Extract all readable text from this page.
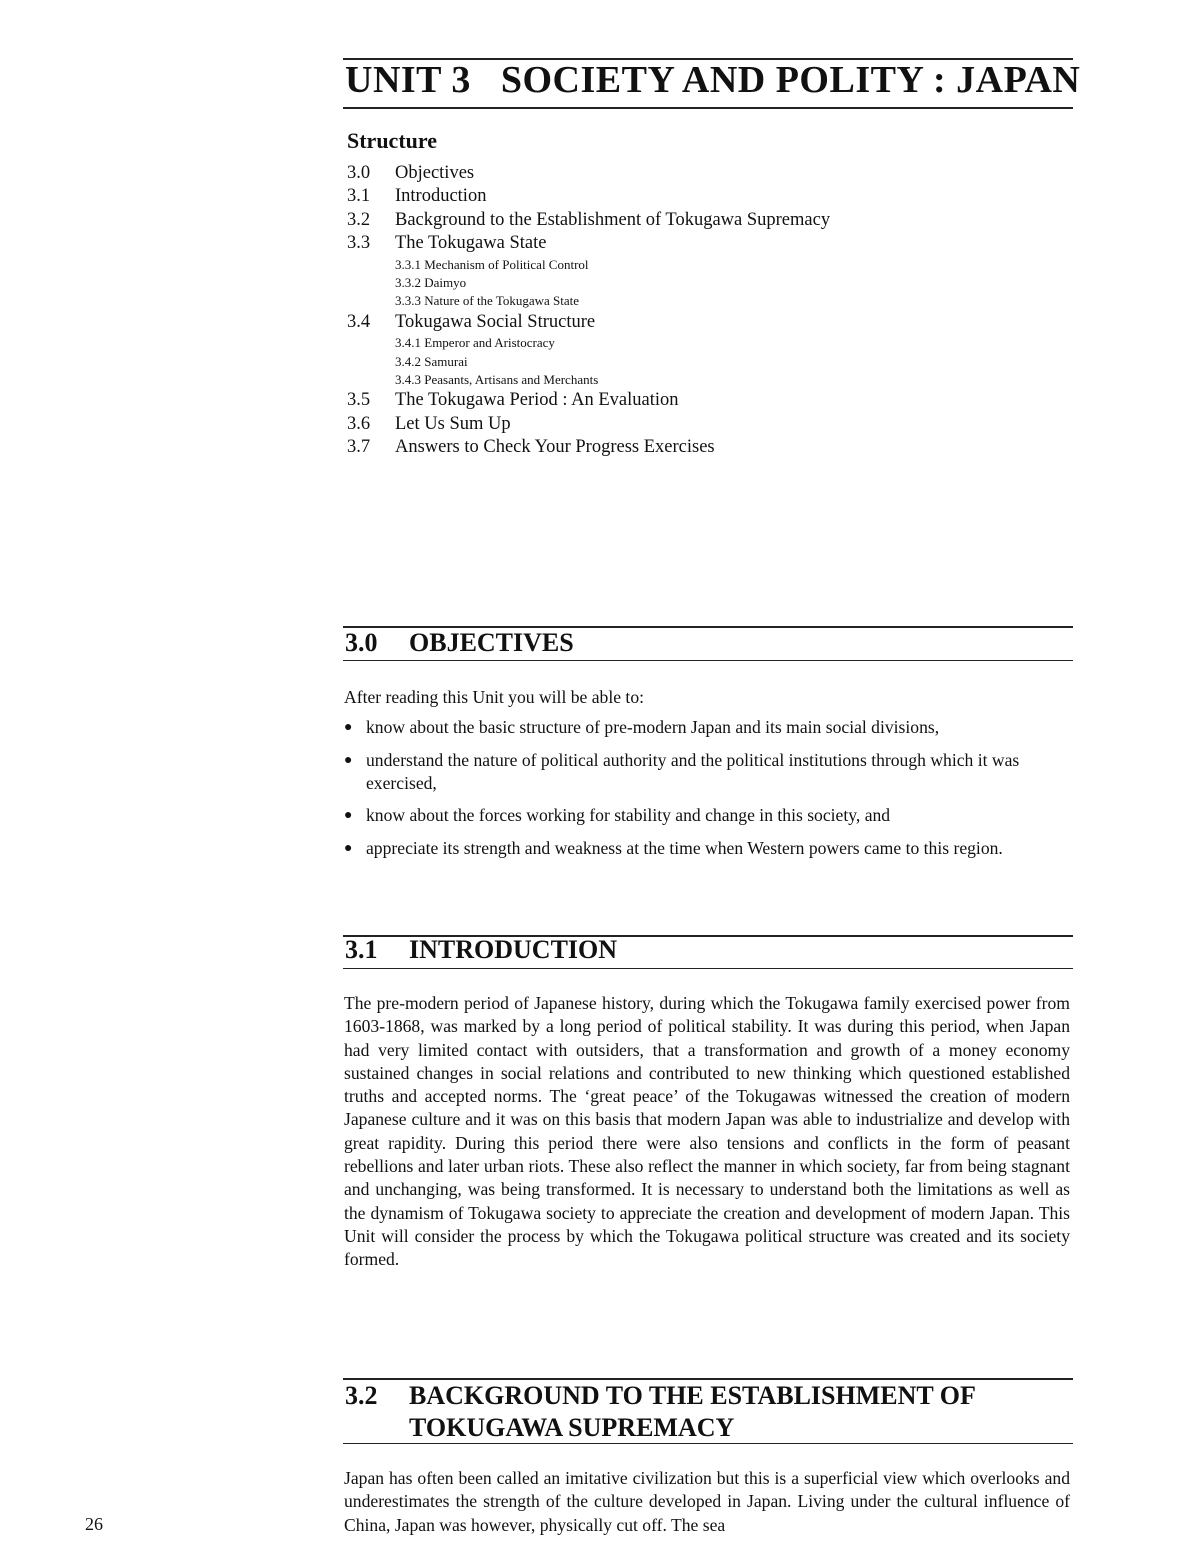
UNIT 3   SOCIETY AND POLITY : JAPAN
Structure
3.0 Objectives
3.1 Introduction
3.2 Background to the Establishment of Tokugawa Supremacy
3.3 The Tokugawa State
3.3.1 Mechanism of Political Control
3.3.2 Daimyo
3.3.3 Nature of the Tokugawa State
3.4 Tokugawa Social Structure
3.4.1 Emperor and Aristocracy
3.4.2 Samurai
3.4.3 Peasants, Artisans and Merchants
3.5 The Tokugawa Period : An Evaluation
3.6 Let Us Sum Up
3.7 Answers to Check Your Progress Exercises
3.0 OBJECTIVES
After reading this Unit you will be able to:
● know about the basic structure of pre-modern Japan and its main social divisions,
● understand the nature of political authority and the political institutions through which it was exercised,
● know about the forces working for stability and change in this society, and
● appreciate its strength and weakness at the time when Western powers came to this region.
3.1 INTRODUCTION
The pre-modern period of Japanese history, during which the Tokugawa family exercised power from 1603-1868, was marked by a long period of political stability. It was during this period, when Japan had very limited contact with outsiders, that a transformation and growth of a money economy sustained changes in social relations and contributed to new thinking which questioned established truths and accepted norms. The ‘great peace’ of the Tokugawas witnessed the creation of modern Japanese culture and it was on this basis that modern Japan was able to industrialize and develop with great rapidity. During this period there were also tensions and conflicts in the form of peasant rebellions and later urban riots. These also reflect the manner in which society, far from being stagnant and unchanging, was being transformed. It is necessary to understand both the limitations as well as the dynamism of Tokugawa society to appreciate the creation and development of modern Japan. This Unit will consider the process by which the Tokugawa political structure was created and its society formed.
3.2 BACKGROUND TO THE ESTABLISHMENT OF
TOKUGAWA SUPREMACY
Japan has often been called an imitative civilization but this is a superficial view which overlooks and underestimates the strength of the culture developed in Japan. Living under the cultural influence of China, Japan was however, physically cut off. The sea
26
